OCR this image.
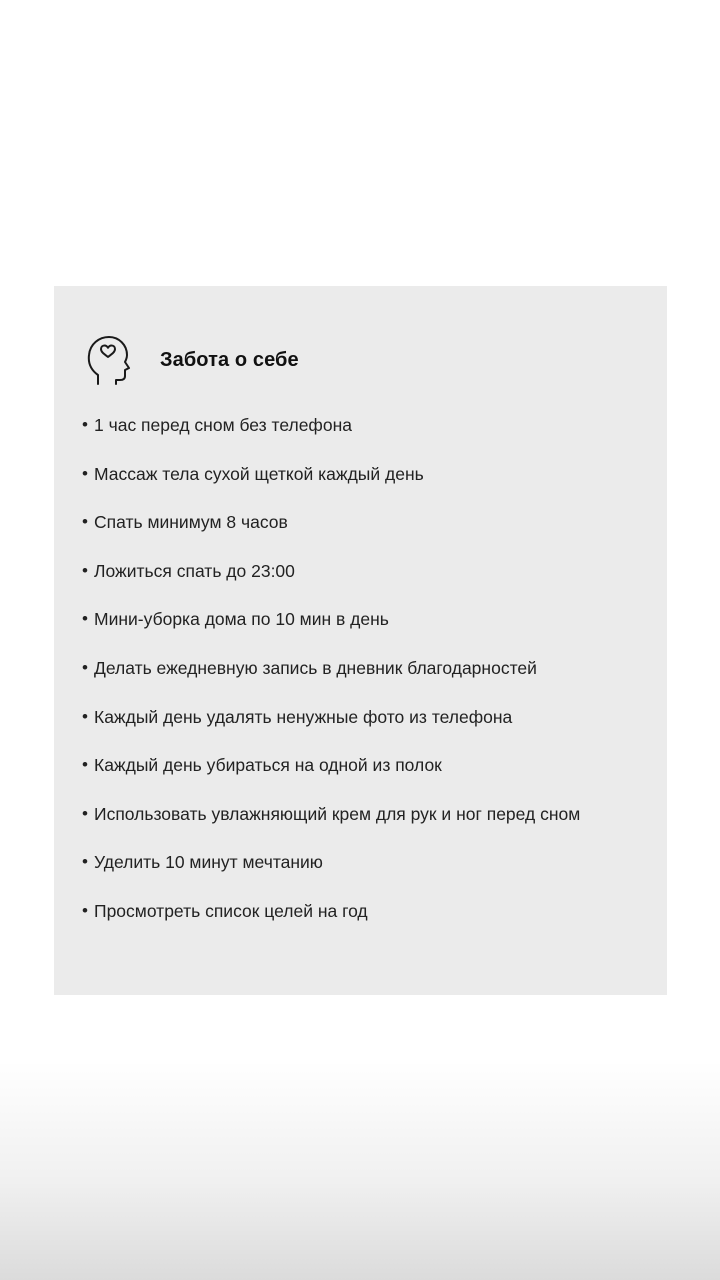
Забота о себе
• 1 час перед сном без телефона
• Массаж тела сухой щеткой каждый день
• Спать минимум 8 часов
• Ложиться спать до 23:00
• Мини-уборка дома по 10 мин в день
• Делать ежедневную запись в дневник благодарностей
• Каждый день удалять ненужные фото из телефона
• Каждый день убираться на одной из полок
• Использовать увлажняющий крем для рук и ног перед сном
• Уделить 10 минут мечтанию
• Просмотреть список целей на год
